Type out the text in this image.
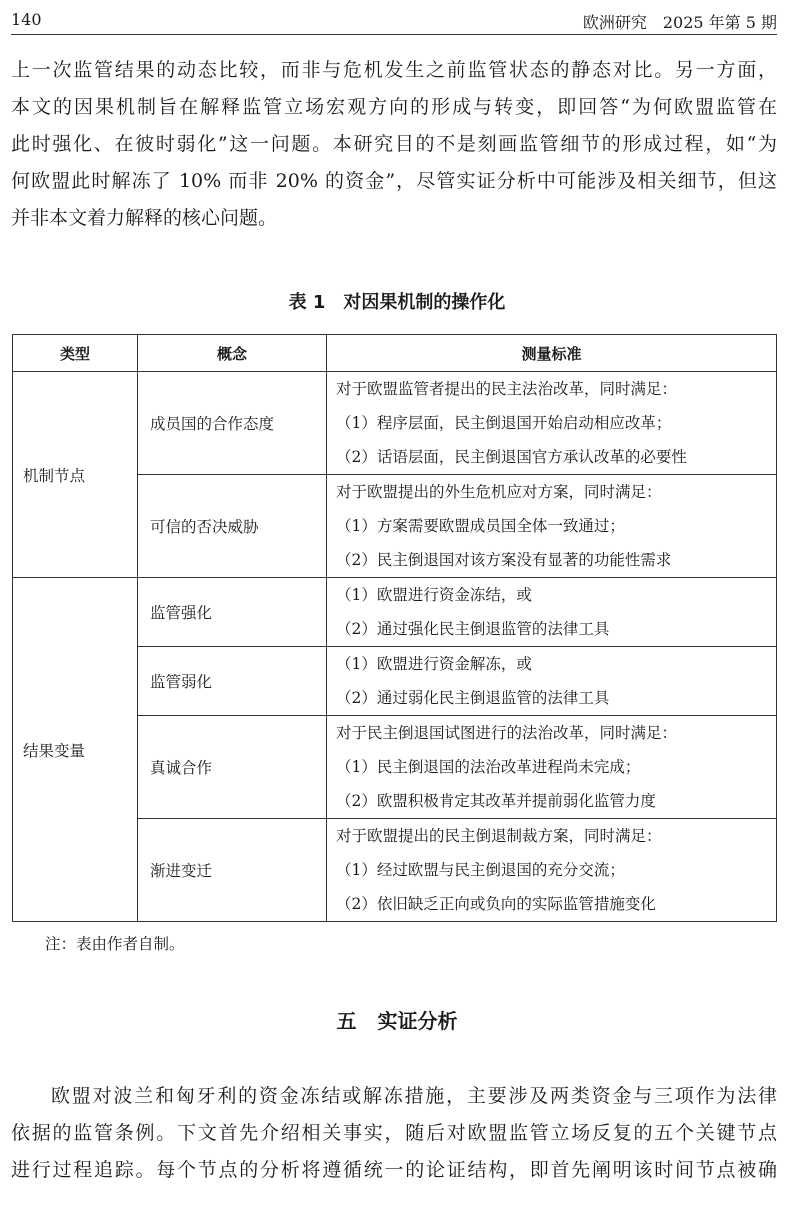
140	欧洲研究　2025 年第 5 期
上一次监管结果的动态比较，而非与危机发生之前监管状态的静态对比。另一方面，
本文的因果机制旨在解释监管立场宏观方向的形成与转变，即回答“为何欧盟监管在
此时强化、在彼时弱化”这一问题。本研究目的不是刻画监管细节的形成过程，如“为
何欧盟此时解冻了 10% 而非 20% 的资金”，尽管实证分析中可能涉及相关细节，但这
并非本文着力解释的核心问题。
表 1　对因果机制的操作化
类型	概念	测量标准
机制节点	成员国的合作态度	对于欧盟监管者提出的民主法治改革，同时满足：
（1）程序层面，民主倒退国开始启动相应改革；
（2）话语层面，民主倒退国官方承认改革的必要性

	可信的否决威胁	对于欧盟提出的外生危机应对方案，同时满足：
（1）方案需要欧盟成员国全体一致通过；
（2）民主倒退国对该方案没有显著的功能性需求

结果变量	监管强化	（1）欧盟进行资金冻结，或
（2）通过强化民主倒退监管的法律工具

	监管弱化	（1）欧盟进行资金解冻，或
（2）通过弱化民主倒退监管的法律工具

	真诚合作	对于民主倒退国试图进行的法治改革，同时满足：
（1）民主倒退国的法治改革进程尚未完成；
（2）欧盟积极肯定其改革并提前弱化监管力度

	渐进变迁	对于欧盟提出的民主倒退制裁方案，同时满足：
（1）经过欧盟与民主倒退国的充分交流；
（2）依旧缺乏正向或负向的实际监管措施变化
注：表由作者自制。
五 实证分析
欧盟对波兰和匈牙利的资金冻结或解冻措施，主要涉及两类资金与三项作为法律
依据的监管条例。下文首先介绍相关事实，随后对欧盟监管立场反复的五个关键节点
进行过程追踪。每个节点的分析将遵循统一的论证结构，即首先阐明该时间节点被确
